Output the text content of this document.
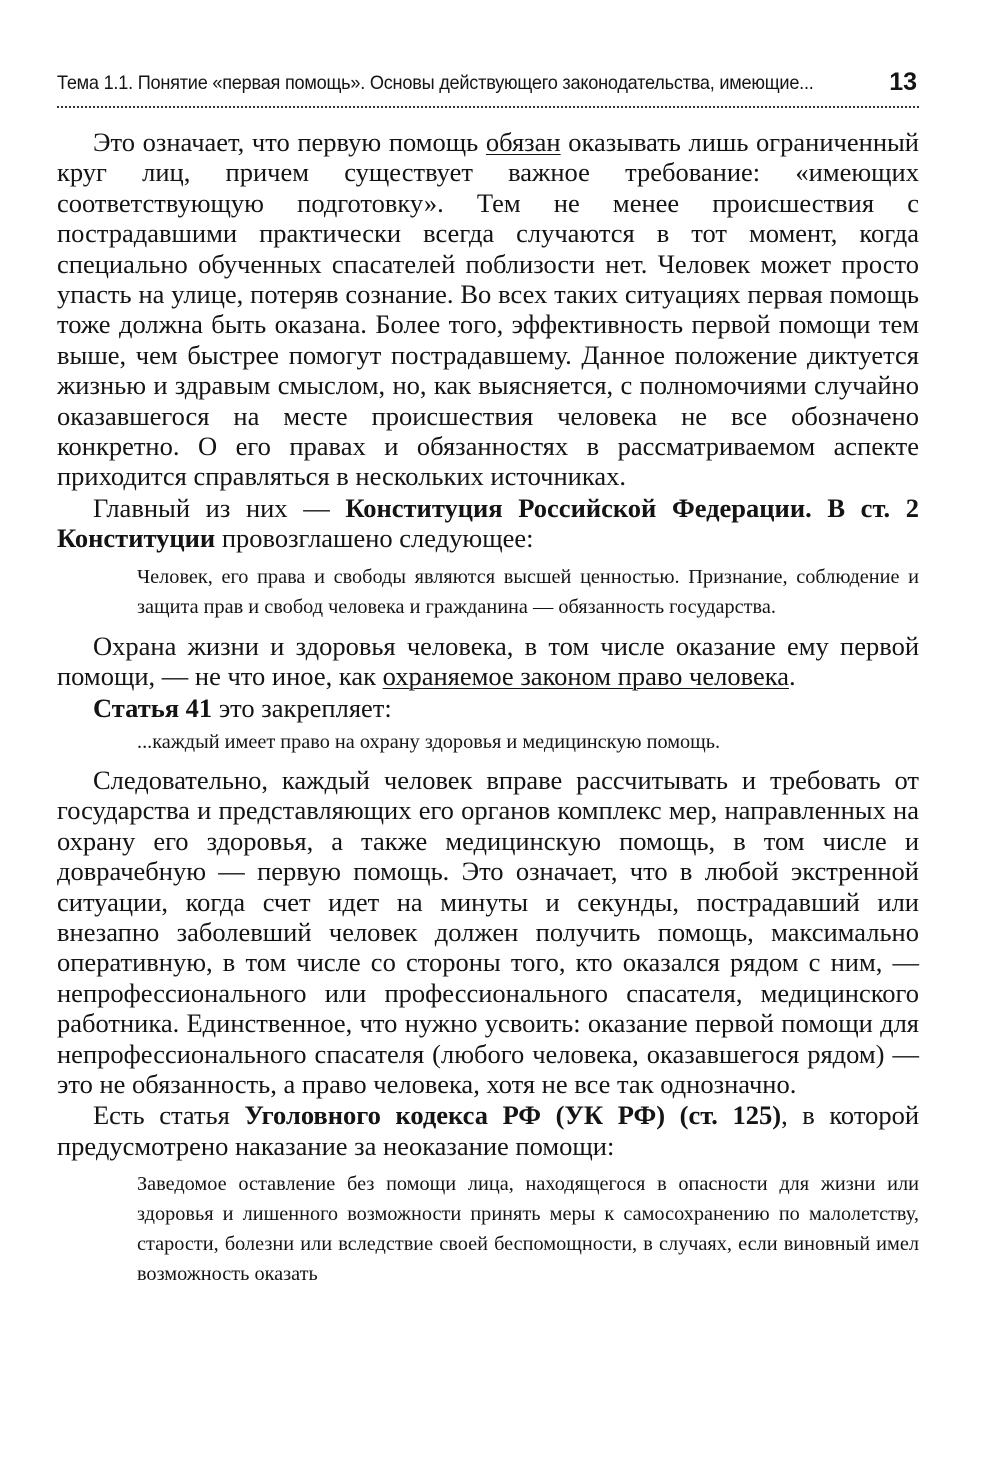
Тема 1.1. Понятие «первая помощь». Основы действующего законодательства, имеющие...	13

Это означает, что первую помощь обязан оказывать лишь ограниченный круг лиц, причем существует важное требование: «имеющих соответствующую подготовку». Тем не менее происшествия с пострадавшими практически всегда случаются в тот момент, когда специально обученных спасателей поблизости нет. Человек может просто упасть на улице, потеряв сознание. Во всех таких ситуациях первая помощь тоже должна быть оказана. Более того, эффективность первой помощи тем выше, чем быстрее помогут пострадавшему. Данное положение диктуется жизнью и здравым смыслом, но, как выясняется, с полномочиями случайно оказавшегося на месте происшествия человека не все обозначено конкретно. О его правах и обязанностях в рассматриваемом аспекте приходится справляться в нескольких источниках.

Главный из них — Конституция Российской Федерации. В ст. 2 Конституции провозглашено следующее:

Человек, его права и свободы являются высшей ценностью. Признание, соблюдение и защита прав и свобод человека и гражданина — обязанность государства.

Охрана жизни и здоровья человека, в том числе оказание ему первой помощи, — не что иное, как охраняемое законом право человека.

Статья 41 это закрепляет:

...каждый имеет право на охрану здоровья и медицинскую помощь.

Следовательно, каждый человек вправе рассчитывать и требовать от государства и представляющих его органов комплекс мер, направленных на охрану его здоровья, а также медицинскую помощь, в том числе и доврачебную — первую помощь. Это означает, что в любой экстренной ситуации, когда счет идет на минуты и секунды, пострадавший или внезапно заболевший человек должен получить помощь, максимально оперативную, в том числе со стороны того, кто оказался рядом с ним, — непрофессионального или профессионального спасателя, медицинского работника. Единственное, что нужно усвоить: оказание первой помощи для непрофессионального спасателя (любого человека, оказавшегося рядом) — это не обязанность, а право человека, хотя не все так однозначно.

Есть статья Уголовного кодекса РФ (УК РФ) (ст. 125), в которой предусмотрено наказание за неоказание помощи:

Заведомое оставление без помощи лица, находящегося в опасности для жизни или здоровья и лишенного возможности принять меры к самосохранению по малолетству, старости, болезни или вследствие своей беспомощности, в случаях, если виновный имел возможность оказать
